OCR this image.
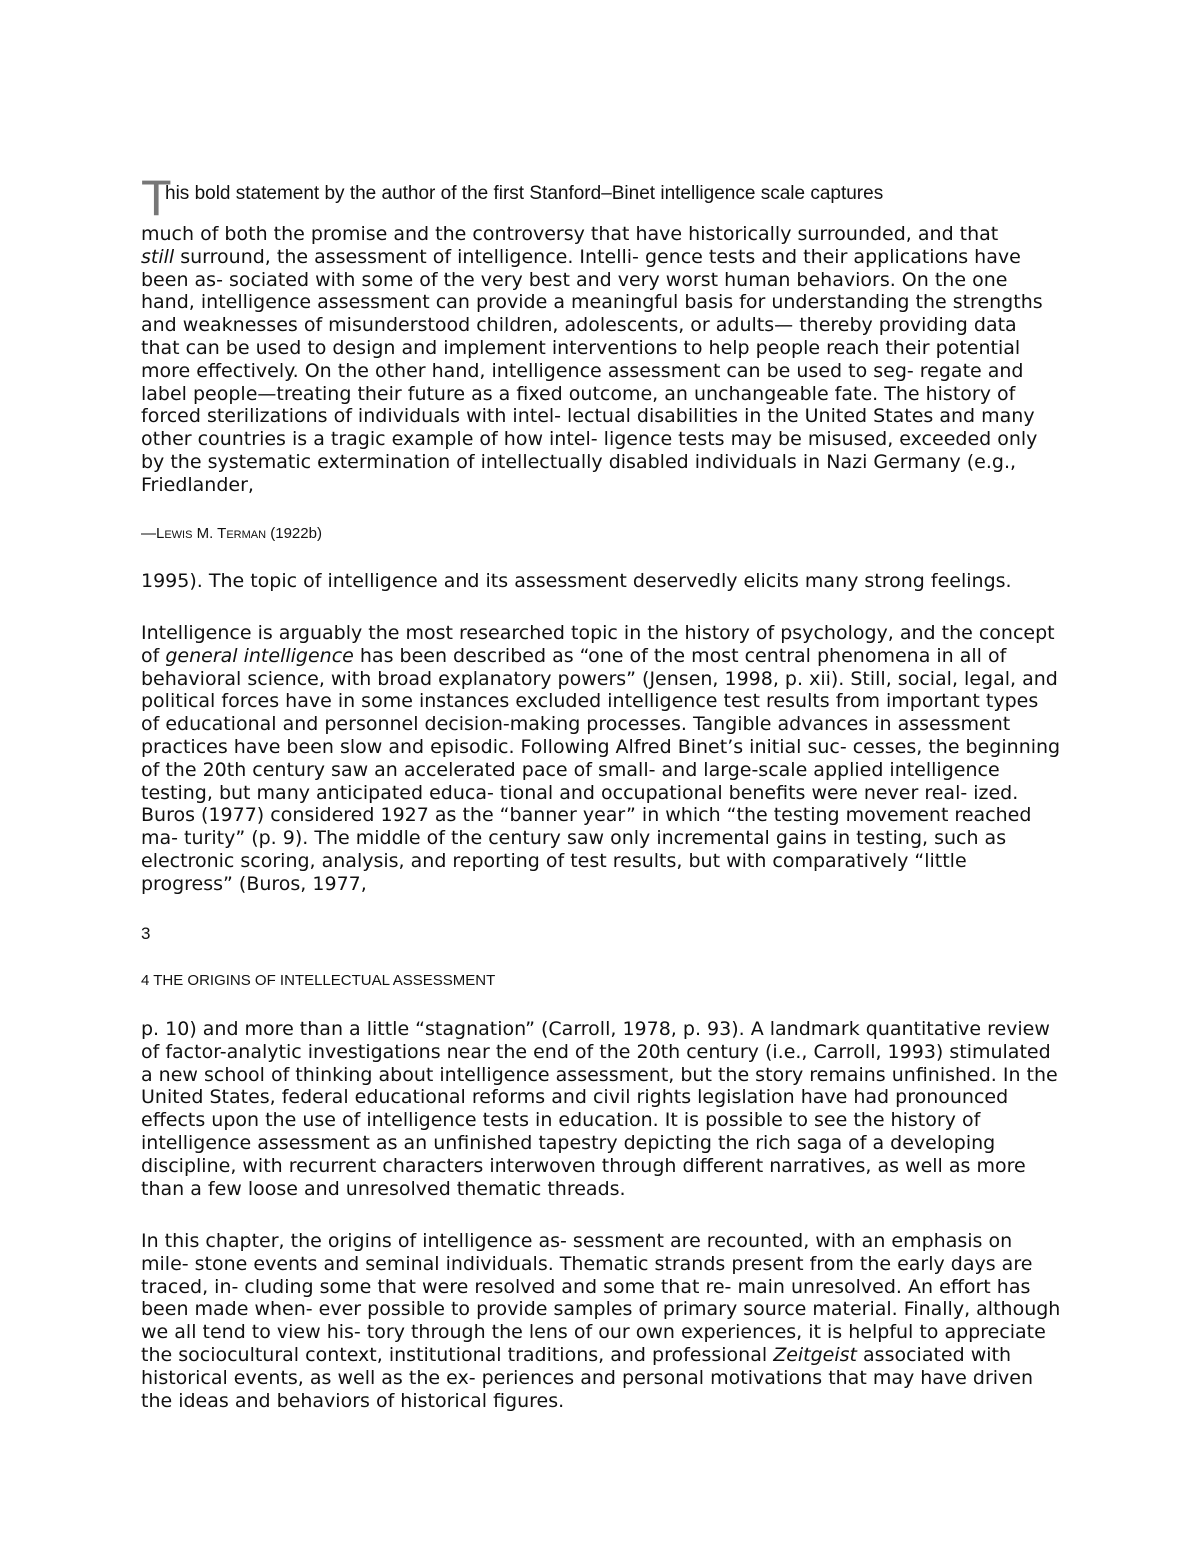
This bold statement by the author of the first Stanford–Binet intelligence scale captures

much of both the promise and the controversy that have historically surrounded, and that
still surround, the assessment of intelligence. Intelli- gence tests and their applications have been as- sociated with some of the very best and very worst human behaviors. On the one hand, intelligence assessment can provide a meaningful basis for understanding the strengths and weaknesses of misunderstood children, adolescents, or adults— thereby providing data that can be used to design and implement interventions to help people reach their potential more effectively. On the other hand, intelligence assessment can be used to seg- regate and label people—treating their future as a fixed outcome, an unchangeable fate. The history of forced sterilizations of individuals with intel- lectual disabilities in the United States and many other countries is a tragic example of how intel- ligence tests may be misused, exceeded only by the systematic extermination of intellectually disabled individuals in Nazi Germany (e.g., Friedlander,

—Lewis M. Terman (1922b)

1995). The topic of intelligence and its assessment deservedly elicits many strong feelings.

Intelligence is arguably the most researched topic in the history of psychology, and the concept of general intelligence has been described as “one of the most central phenomena in all of behavioral science, with broad explanatory powers” (Jensen, 1998, p. xii). Still, social, legal, and political forces have in some instances excluded intelligence test results from important types of educational and personnel decision-making processes. Tangible advances in assessment practices have been slow and episodic. Following Alfred Binet’s initial suc- cesses, the beginning of the 20th century saw an accelerated pace of small- and large-scale applied intelligence testing, but many anticipated educa- tional and occupational benefits were never real- ized. Buros (1977) considered 1927 as the “banner year” in which “the testing movement reached ma- turity” (p. 9). The middle of the century saw only incremental gains in testing, such as electronic scoring, analysis, and reporting of test results, but with comparatively “little progress” (Buros, 1977,

3
4 THE ORIGINS OF INTELLECTUAL ASSESSMENT

p. 10) and more than a little “stagnation” (Carroll, 1978, p. 93). A landmark quantitative review of factor-analytic investigations near the end of the 20th century (i.e., Carroll, 1993) stimulated a new school of thinking about intelligence assessment, but the story remains unfinished. In the United States, federal educational reforms and civil rights legislation have had pronounced effects upon the use of intelligence tests in education. It is possible to see the history of intelligence assessment as an unfinished tapestry depicting the rich saga of a developing discipline, with recurrent characters interwoven through different narratives, as well as more than a few loose and unresolved thematic threads.

In this chapter, the origins of intelligence as- sessment are recounted, with an emphasis on mile- stone events and seminal individuals. Thematic strands present from the early days are traced, in- cluding some that were resolved and some that re- main unresolved. An effort has been made when- ever possible to provide samples of primary source material. Finally, although we all tend to view his- tory through the lens of our own experiences, it is helpful to appreciate the sociocultural context, institutional traditions, and professional Zeitgeist associated with historical events, as well as the ex- periences and personal motivations that may have driven the ideas and behaviors of historical figures.
